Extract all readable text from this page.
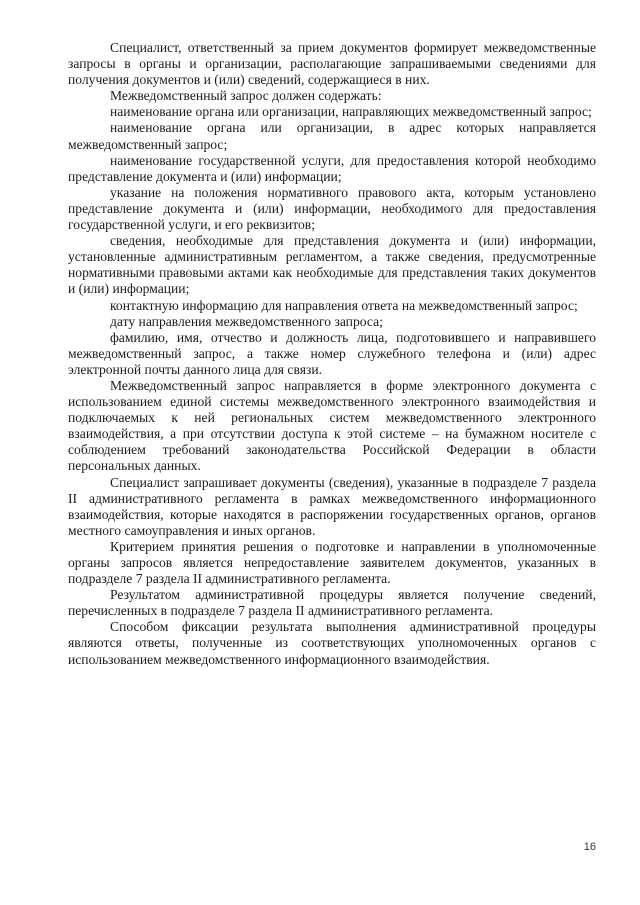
Специалист, ответственный за прием документов формирует межведомственные запросы в органы и организации, располагающие запрашиваемыми сведениями для получения документов и (или) сведений, содержащиеся в них.

Межведомственный запрос должен содержать:

наименование органа или организации, направляющих межведомственный запрос;

наименование органа или организации, в адрес которых направляется межведомственный запрос;

наименование государственной услуги, для предоставления которой необходимо представление документа и (или) информации;

указание на положения нормативного правового акта, которым установлено представление документа и (или) информации, необходимого для предоставления государственной услуги, и его реквизитов;

сведения, необходимые для представления документа и (или) информации, установленные административным регламентом, а также сведения, предусмотренные нормативными правовыми актами как необходимые для представления таких документов и (или) информации;

контактную информацию для направления ответа на межведомственный запрос;

дату направления межведомственного запроса;

фамилию, имя, отчество и должность лица, подготовившего и направившего межведомственный запрос, а также номер служебного телефона и (или) адрес электронной почты данного лица для связи.

Межведомственный запрос направляется в форме электронного документа с использованием единой системы межведомственного электронного взаимодействия и подключаемых к ней региональных систем межведомственного электронного взаимодействия, а при отсутствии доступа к этой системе – на бумажном носителе с соблюдением требований законодательства Российской Федерации в области персональных данных.

Специалист запрашивает документы (сведения), указанные в подразделе 7 раздела II административного регламента в рамках межведомственного информационного взаимодействия, которые находятся в распоряжении государственных органов, органов местного самоуправления и иных органов.

Критерием принятия решения о подготовке и направлении в уполномоченные органы запросов является непредоставление заявителем документов, указанных в подразделе 7 раздела II административного регламента.

Результатом административной процедуры является получение сведений, перечисленных в подразделе 7 раздела II административного регламента.

Способом фиксации результата выполнения административной процедуры являются ответы, полученные из соответствующих уполномоченных органов с использованием межведомственного информационного взаимодействия.

16
